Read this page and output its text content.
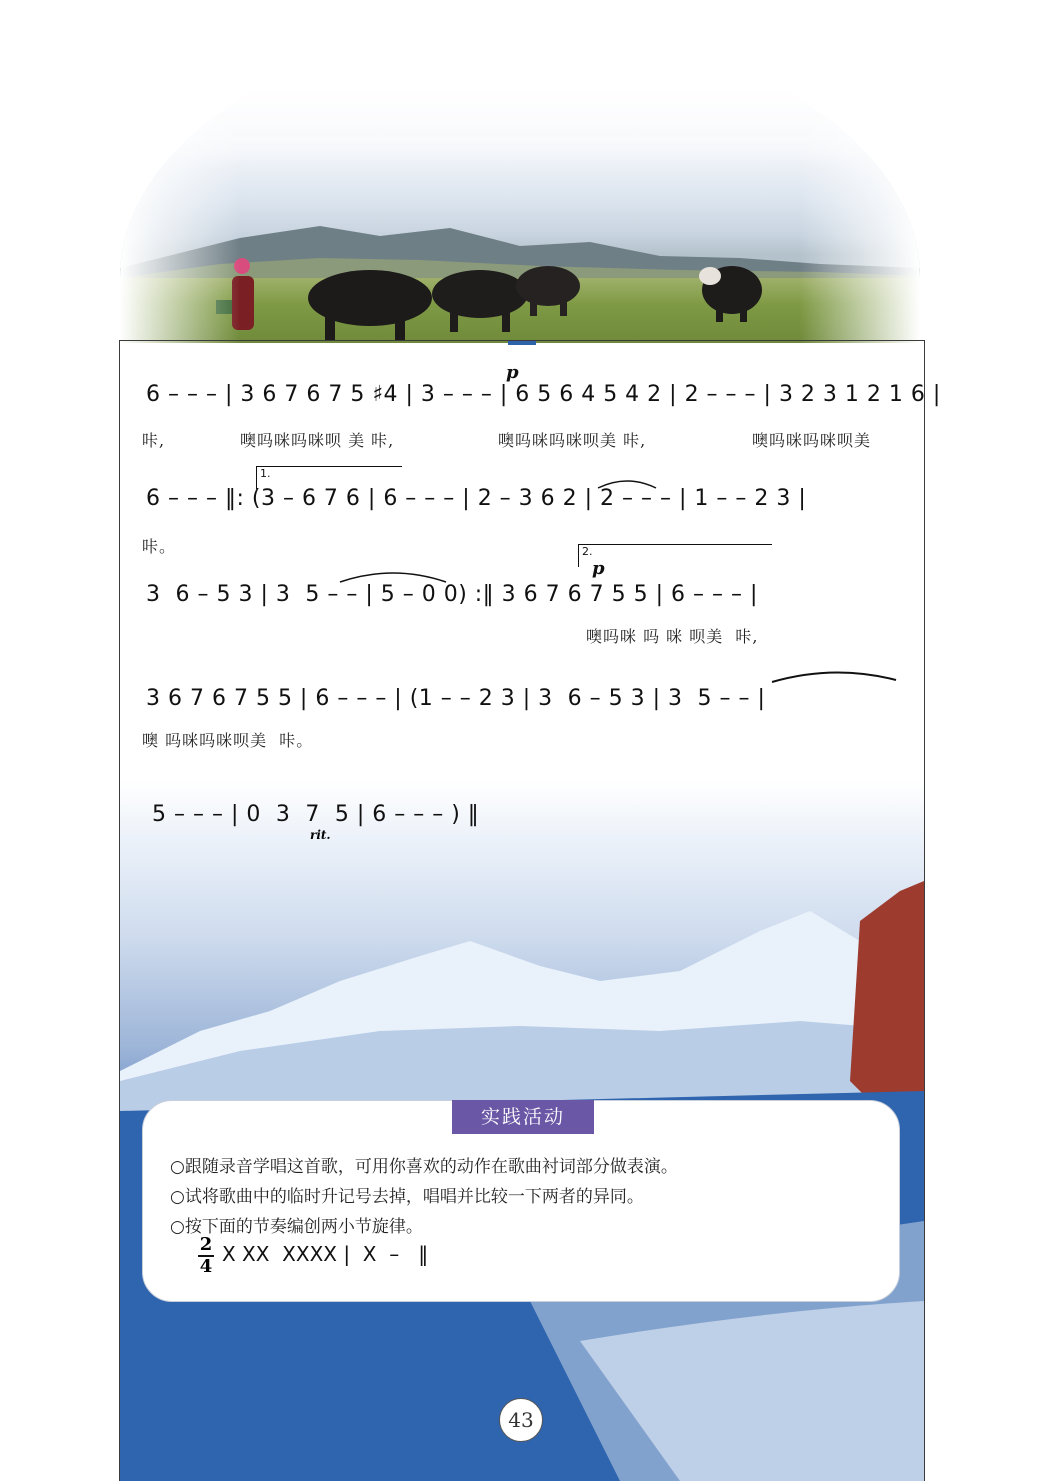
p
6 – – – | 3 6 7 6 7 5 ♯4 | 3 – – – | 6 5 6 4 5 4 2 | 2 – – – | 3 2 3 1 2 1 6 |
咔,	噢吗咪吗咪呗 美 咔,	噢吗咪吗咪呗美 咔,	噢吗咪吗咪呗美
1.
6 – – – ‖: (3 – 6 7 6 | 6 – – – | 2 – 3 6 2 | 2 – – – | 1 – – 2 3 |
咔。	2.
p
3  6 – 5 3 | 3  5 – – | 5 – 0 0) :‖ 3 6 7 6 7 5 5 | 6 – – – |
噢吗咪 吗 咪 呗美  咔,
3 6 7 6 7 5 5 | 6 – – – | (1 – – 2 3 | 3  6 – 5 3 | 3  5 – – |
噢 吗咪吗咪呗美  咔。
5 – – – | 0  3  7  5 | 6 – – – ) ‖
rit.
实践活动
○跟随录音学唱这首歌，可用你喜欢的动作在歌曲衬词部分做表演。
○试将歌曲中的临时升记号去掉，唱唱并比较一下两者的异同。
○按下面的节奏编创两小节旋律。
2
4
X XX  XXXX |  X  –   ‖
43
